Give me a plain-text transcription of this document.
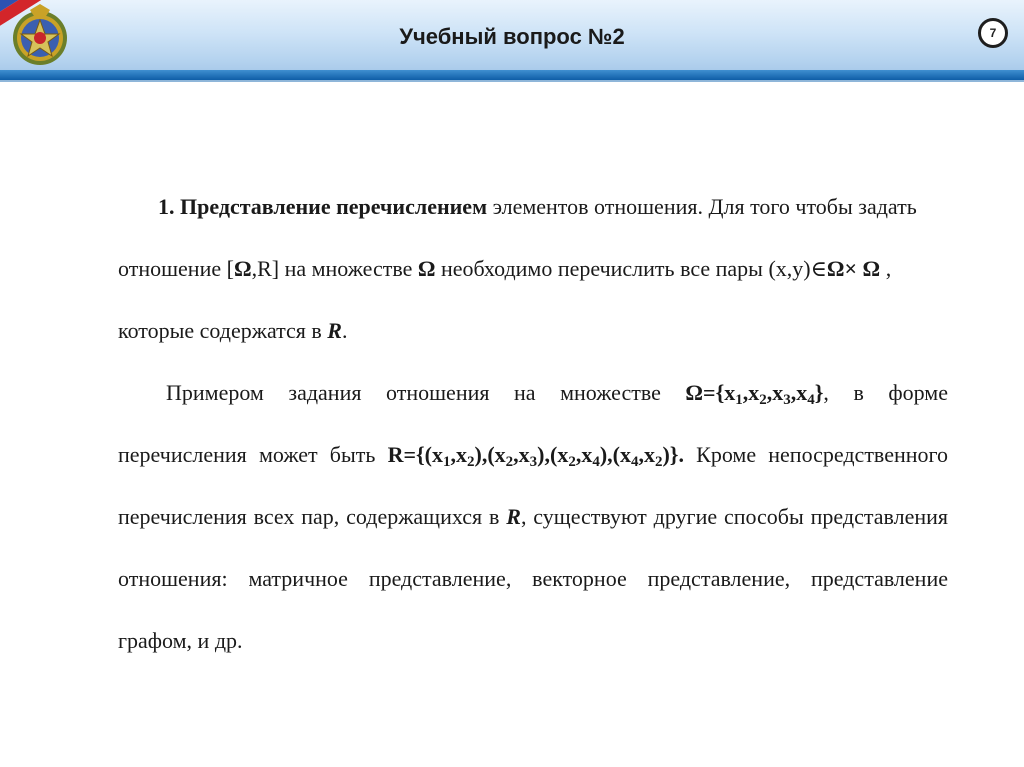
Учебный вопрос №2	7

1. Представление перечислением элементов отношения. Для того чтобы задать отношение [Ω,R] на множестве Ω необходимо перечислить все пары (x,y)∈Ω× Ω , которые содержатся в R.

Примером задания отношения на множестве $\Omega=\{x_1,x_2,x_3,x_4\}$, в форме перечисления может быть $R=\{(x_1,x_2),(x_2,x_3),(x_2,x_4),(x_4,x_2)\}$. Кроме непосредственного перечисления всех пар, содержащихся в R, существуют другие способы представления отношения: матричное представление, векторное представление, представление графом, и др.
